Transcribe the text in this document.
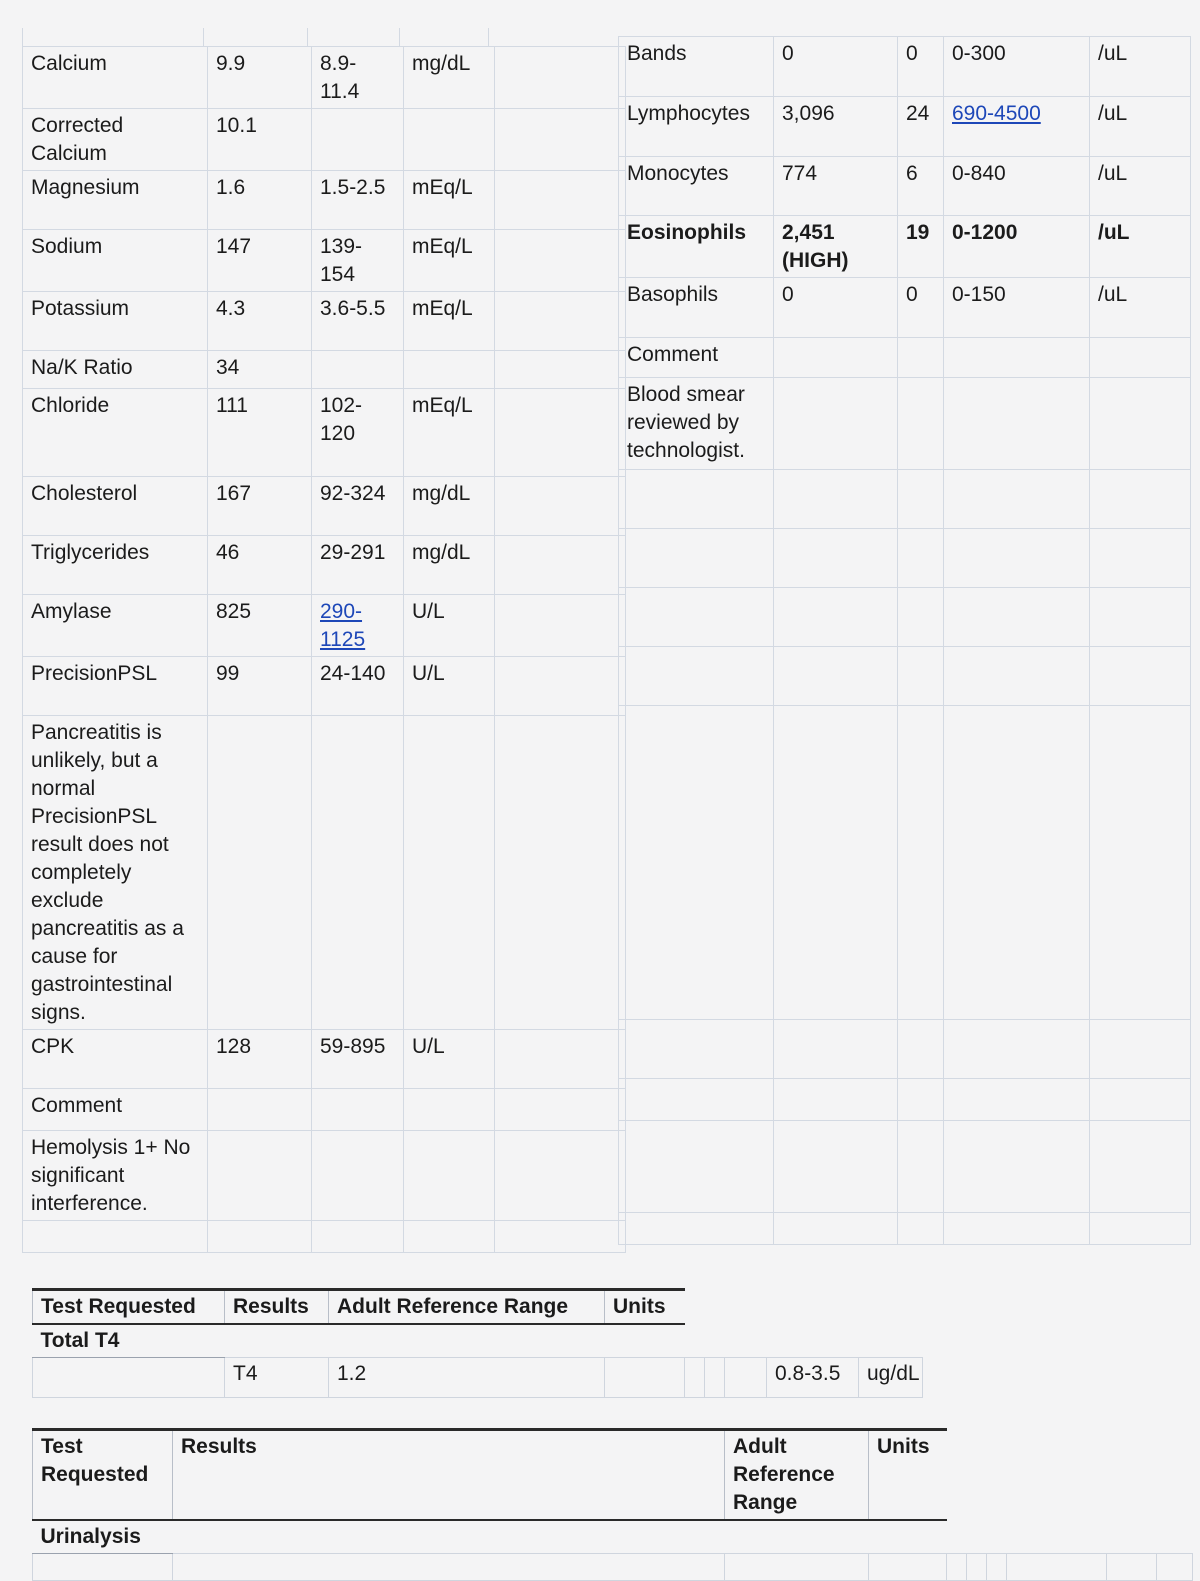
Calcium	9.9	8.9-11.4	mg/dL	
Corrected Calcium	10.1			
Magnesium	1.6	1.5-2.5	mEq/L	
Sodium	147	139-154	mEq/L	
Potassium	4.3	3.6-5.5	mEq/L	
Na/K Ratio	34			
Chloride	111	102-120	mEq/L	
Cholesterol	167	92-324	mg/dL	
Triglycerides	46	29-291	mg/dL	
Amylase	825	290-1125	U/L	
PrecisionPSL	99	24-140	U/L	
Pancreatitis is unlikely, but a normal PrecisionPSL result does not completely exclude pancreatitis as a cause for gastrointestinal signs.				
CPK	128	59-895	U/L	
Comment				
Hemolysis 1+ No significant interference.				

Bands	0	0	0-300	/uL
Lymphocytes	3,096	24	690-4500	/uL
Monocytes	774	6	0-840	/uL
Eosinophils	2,451 (HIGH)	19	0-1200	/uL
Basophils	0	0	0-150	/uL
Comment				
Blood smear reviewed by technologist.				

Test Requested	Results	Adult Reference Range	Units					
Total T4								
	T4	1.2					0.8-3.5	ug/dL
Test Requested	Results	Adult Reference Range	Units						
Urinalysis									
